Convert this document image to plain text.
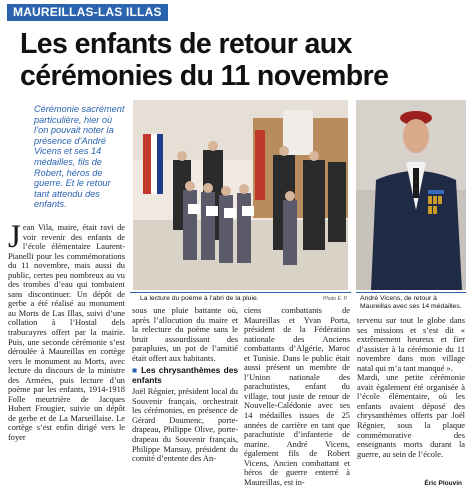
MAUREILLAS-LAS ILLAS
Les enfants de retour aux cérémonies du 11 novembre
Cérémonie sacrément particulière, hier où l’on pouvait noter la présence d’André Vicens et ses 14 médailles, fils de Robert, héros de guerre. Et le retour tant attendu des enfants.
La lecture du poème à l’abri de la pluie.	Photo É. P. André Vicens, de retour à Maureillas avec ses 14 médailles.

Jean Vila, maire, était ravi de voir revenir des enfants de l’école élémentaire Laurent-Pianelli pour les commémorations du 11 novembre, mais aussi du public, certes peu nombreux au vu des trombes d’eau qui tombaient sans discontinuer. Un dépôt de gerbe a été réalisé au monument au Morts de Las Illas, suivi d’une collation à l’Hostal dels trabucayres offert par la mairie. Puis, une seconde cérémonie s’est déroulée à Maureillas en cortège vers le monument au Morts, avec lecture du discours de la ministre des Armées, puis lecture d’un poème par les enfants, 1914-1918 Folle meurtrière de Jacques Hubert Frougier, suivie un dépôt de gerbe et de La Marseillaise. Le cortège s’est enfin dirigé vers le foyer

sous une pluie battante où, après l’allocution du maire et la relecture du poème sans le bruit assourdissant des parapluies, un pot de l’amitié était offert aux habitants.

■ Les chrysanthèmes des enfants

Joël Régnier, président local du Souvenir français, orchestrait les cérémonies, en présence de Gérard Doumenc, porte-drapeau, Philippe Olive, porte-drapeau du Souvenir français, Philippe Mansuy, président du comité d’entente des An-

ciens combattants de Maureillas et Yvan Porta, président de la Fédération nationale des Anciens combattants d’Algérie, Maroc et Tunisie. Dans le public était aussi présent un membre de l’Union nationale des parachutistes, enfant du village, tout juste de retour de Nouvelle-Calédonie avec ses 14 médailles issues de 25 années de carrière en tant que parachutiste d’infanterie de marine. André Vicens, également fils de Robert Vicens, Ancien combattant et héros de guerre enterré à Maureillas, est in-

tervenu sur tout le globe dans ses missions et s’est dit « extrêmement heureux et fier d’assister à la cérémonie du 11 novembre dans mon village natal qui m’a tant manqué ».

Mardi, une petite cérémonie avait également été organisée à l’école élémentaire, où les enfants avaient déposé des chrysanthèmes offerts par Joël Régnier, sous la plaque commémorative des enseignants morts durant la guerre, au sein de l’école.

Éric Plouvin
